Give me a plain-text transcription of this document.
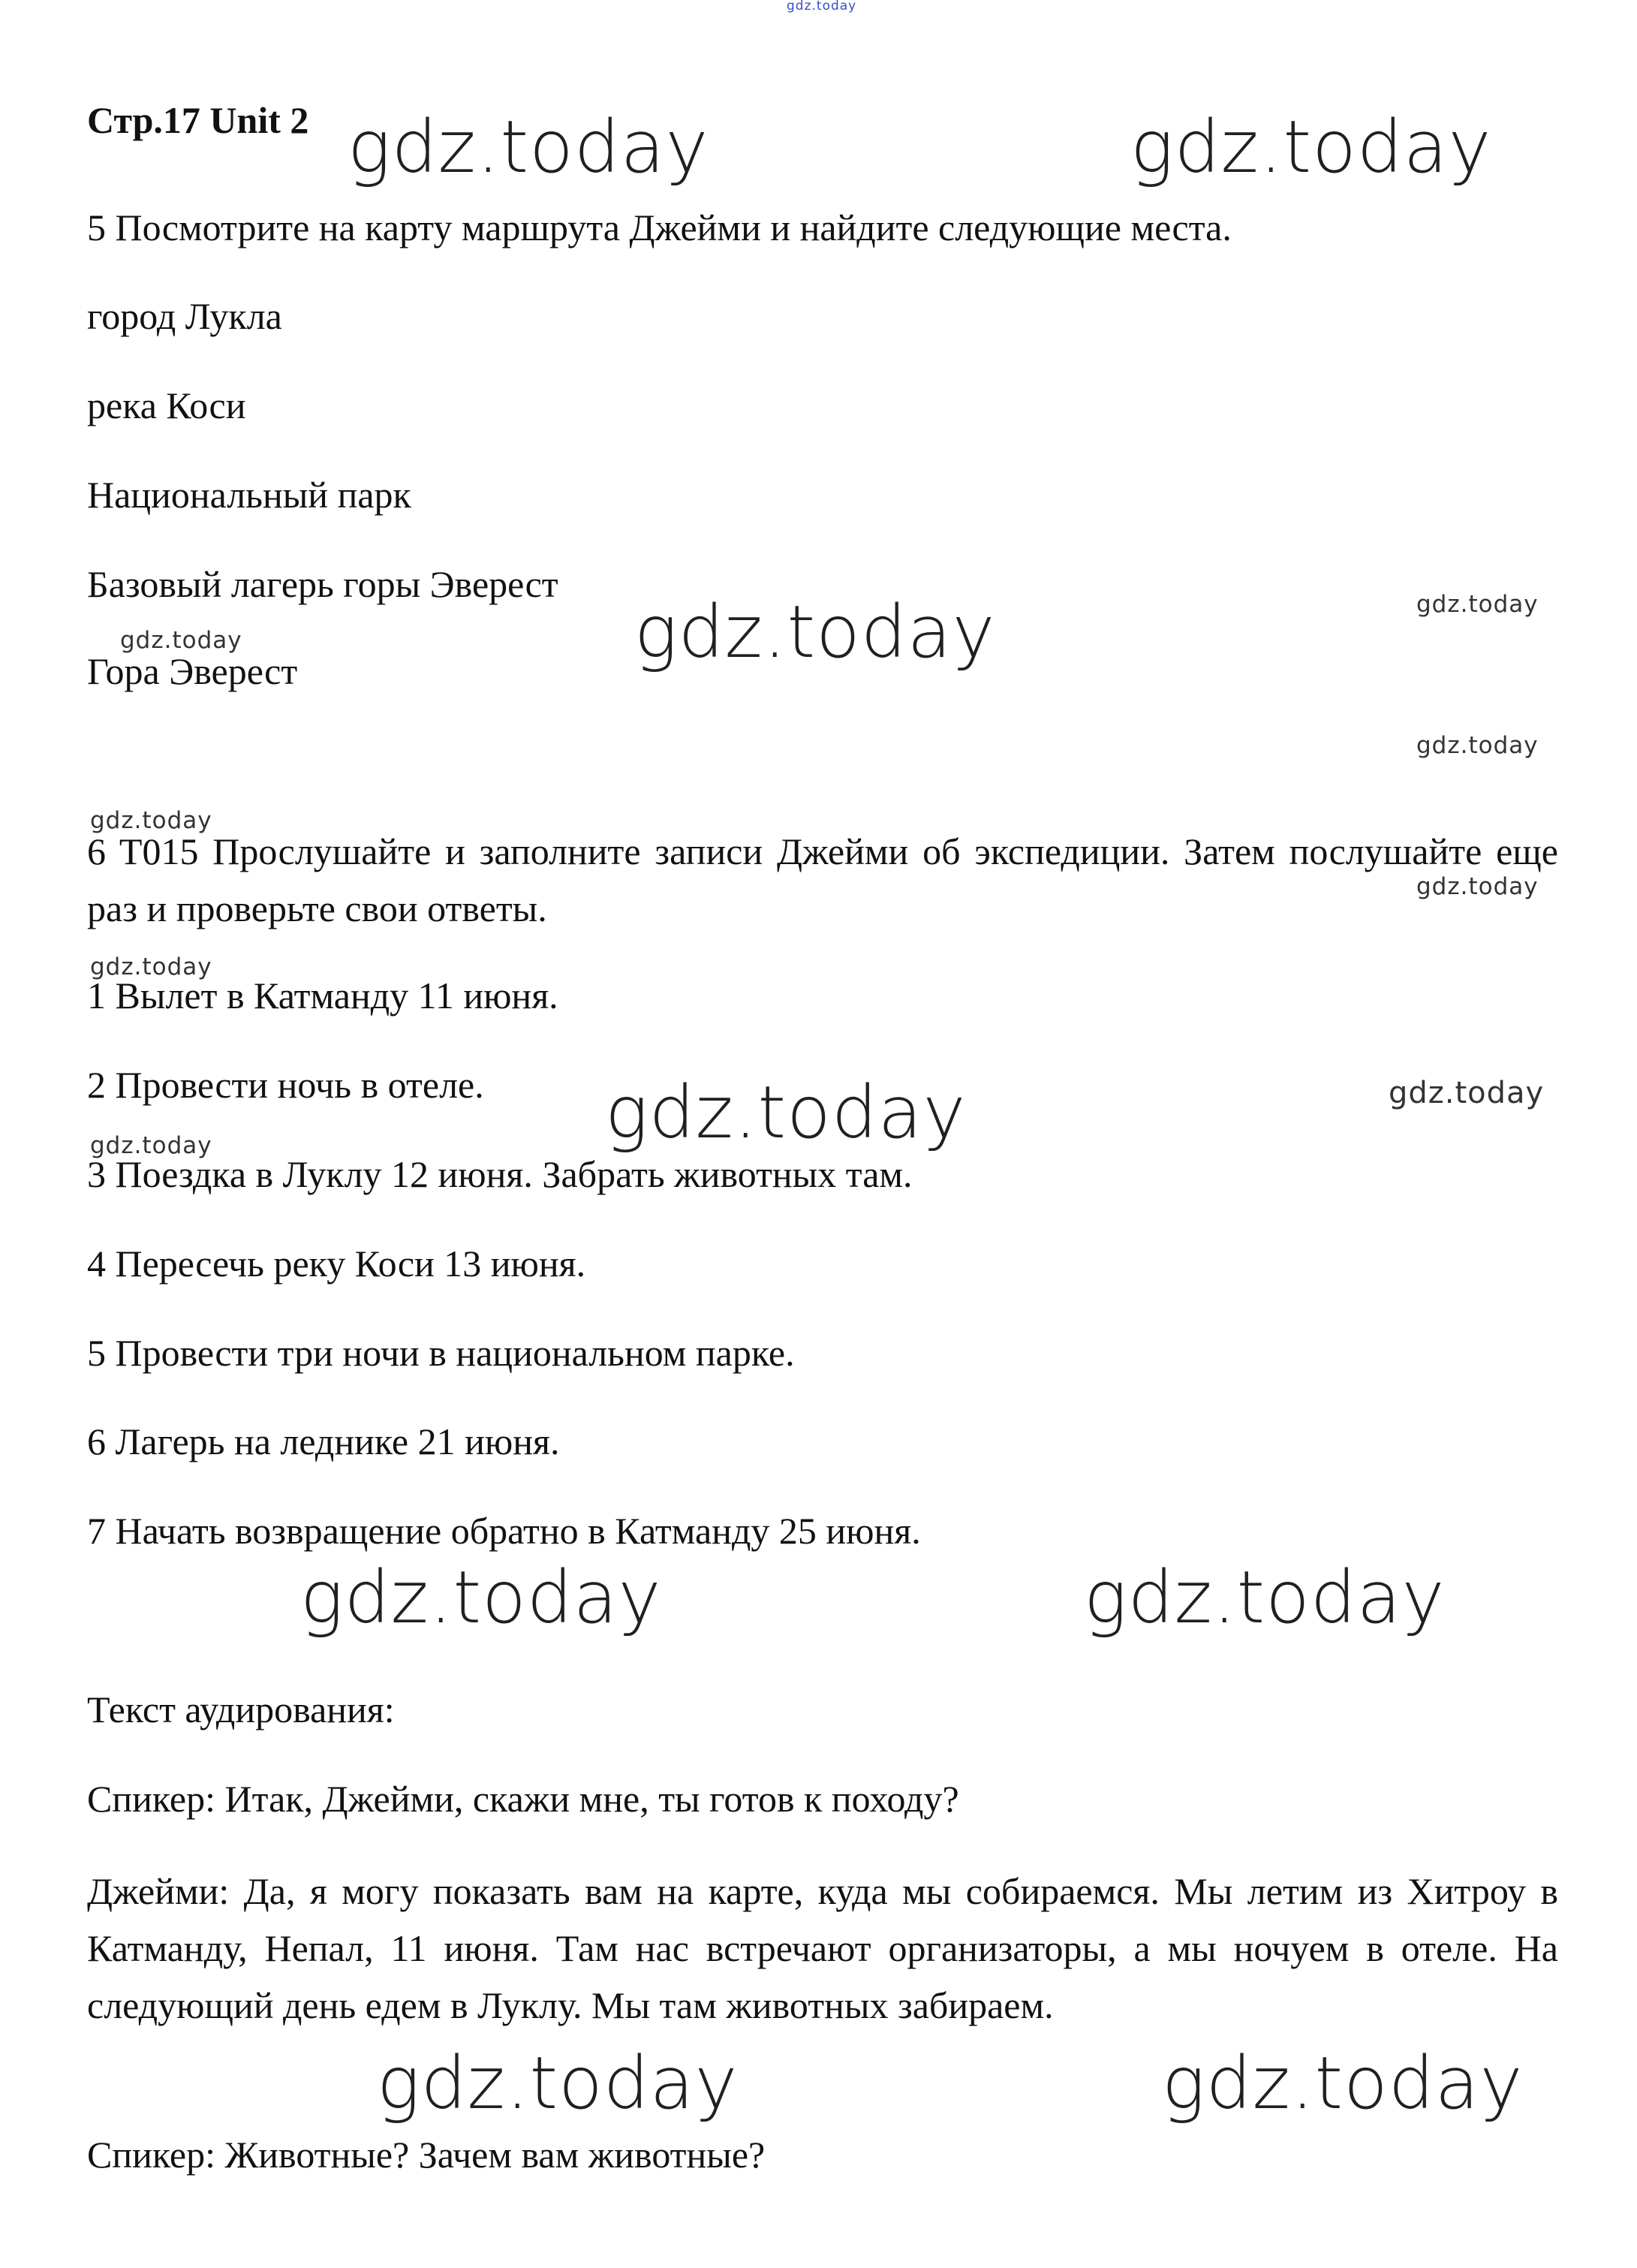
gdz.today
gdz.today	gdz.today
gdz.today
gdz.today
gdz.today
gdz.today
gdz.today
gdz.today
gdz.today
gdz.today
gdz.today
gdz.today
gdz.today	gdz.today
gdz.today	gdz.today

Стр.17 Unit 2

5 Посмотрите на карту маршрута Джейми и найдите следующие места.

город Лукла

река Коси

Национальный парк

Базовый лагерь горы Эверест

Гора Эверест

6 T015 Прослушайте и заполните записи Джейми об экспедиции. Затем послушайте еще раз и проверьте свои ответы.

1 Вылет в Катманду 11 июня.

2 Провести ночь в отеле.

3 Поездка в Луклу 12 июня. Забрать животных там.

4 Пересечь реку Коси 13 июня.

5 Провести три ночи в национальном парке.

6 Лагерь на леднике 21 июня.

7 Начать возвращение обратно в Катманду 25 июня.

Текст аудирования:

Спикер: Итак, Джейми, скажи мне, ты готов к походу?

Джейми: Да, я могу показать вам на карте, куда мы собираемся. Мы летим из Хитроу в Катманду, Непал, 11 июня. Там нас встречают организаторы, а мы ночуем в отеле. На следующий день едем в Луклу. Мы там животных забираем.

Спикер: Животные? Зачем вам животные?
